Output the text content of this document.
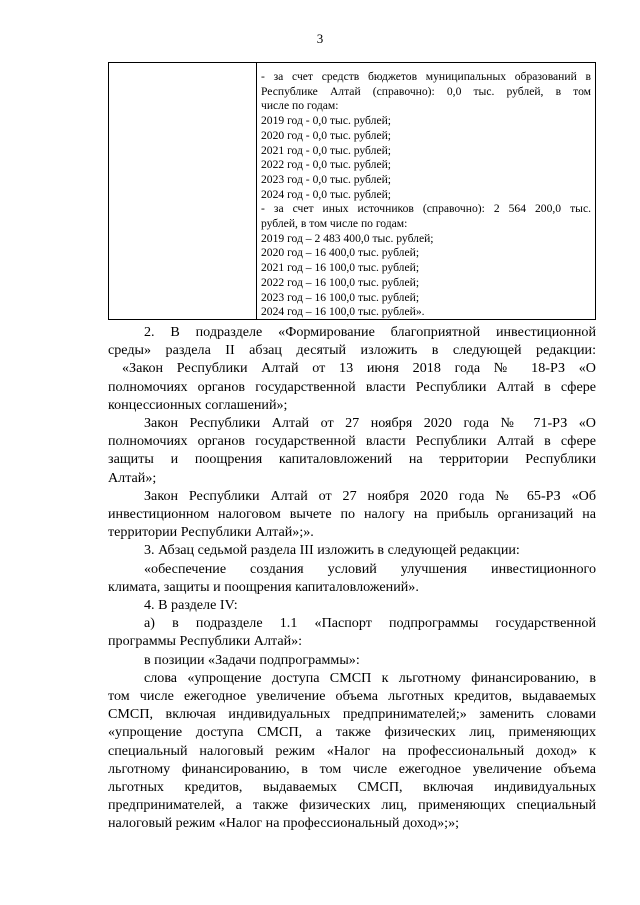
3
- за счет средств бюджетов муниципальных образований в
Республике Алтай (справочно): 0,0 тыс. рублей, в том
числе по годам:
2019 год - 0,0 тыс. рублей;
2020 год - 0,0 тыс. рублей;
2021 год - 0,0 тыс. рублей;
2022 год - 0,0 тыс. рублей;
2023 год - 0,0 тыс. рублей;
2024 год - 0,0 тыс. рублей;
- за счет иных источников (справочно): 2 564 200,0 тыс.
рублей, в том числе по годам:
2019 год – 2 483 400,0 тыс. рублей;
2020 год – 16 400,0 тыс. рублей;
2021 год – 16 100,0 тыс. рублей;
2022 год – 16 100,0 тыс. рублей;
2023 год – 16 100,0 тыс. рублей;
2024 год – 16 100,0 тыс. рублей».
2. В подразделе «Формирование благоприятной инвестиционной
среды» раздела II абзац десятый изложить в следующей редакции:
«Закон Республики Алтай от 13 июня 2018 года № 18-РЗ «О
полномочиях органов государственной власти Республики Алтай в сфере
концессионных соглашений»;
Закон Республики Алтай от 27 ноября 2020 года № 71-РЗ «О
полномочиях органов государственной власти Республики Алтай в сфере
защиты и поощрения капиталовложений на территории Республики
Алтай»;
Закон Республики Алтай от 27 ноября 2020 года № 65-РЗ «Об
инвестиционном налоговом вычете по налогу на прибыль организаций на
территории Республики Алтай»;».
3. Абзац седьмой раздела III изложить в следующей редакции:
«обеспечение создания условий улучшения инвестиционного
климата, защиты и поощрения капиталовложений».
4. В разделе IV:
а) в подразделе 1.1 «Паспорт подпрограммы государственной
программы Республики Алтай»:
в позиции «Задачи подпрограммы»:
слова «упрощение доступа СМСП к льготному финансированию, в
том числе ежегодное увеличение объема льготных кредитов, выдаваемых
СМСП, включая индивидуальных предпринимателей;» заменить словами
«упрощение доступа СМСП, а также физических лиц, применяющих
специальный налоговый режим «Налог на профессиональный доход» к
льготному финансированию, в том числе ежегодное увеличение объема
льготных кредитов, выдаваемых СМСП, включая индивидуальных
предпринимателей, а также физических лиц, применяющих специальный
налоговый режим «Налог на профессиональный доход»;»;
